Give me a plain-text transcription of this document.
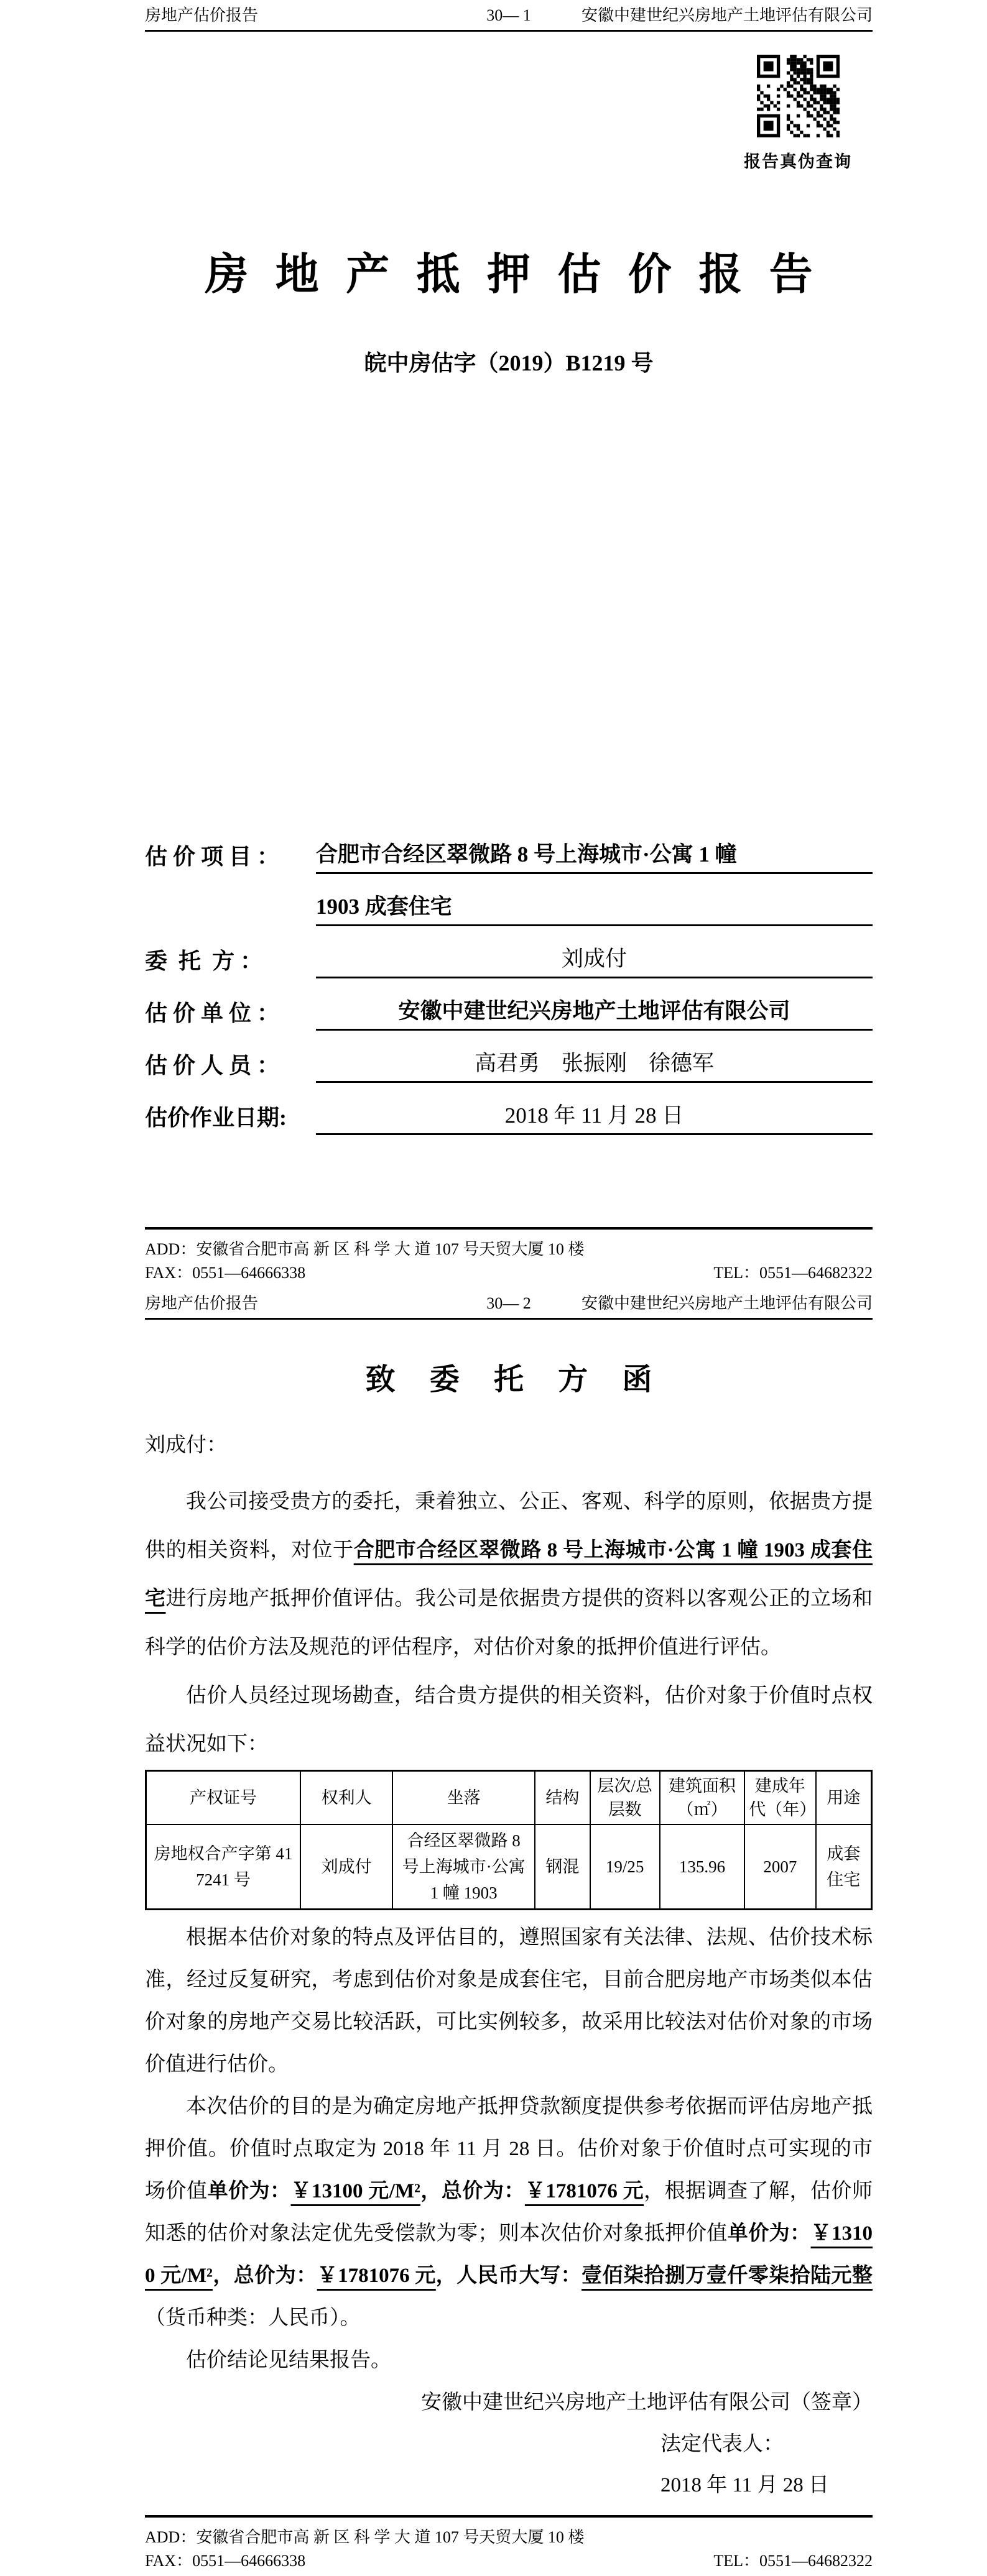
房地产估价报告	30— 1	安徽中建世纪兴房地产土地评估有限公司
报告真伪查询
房地产抵押估价报告
皖中房估字（2019）B1219 号
估 价 项 目 ：	合肥市合经区翠微路 8 号上海城市·公寓 1 幢
1903 成套住宅
委  托  方 ：	刘成付
估 价 单 位 ：	安徽中建世纪兴房地产土地评估有限公司
估 价 人 员 ：	高君勇    张振刚    徐德军
估价作业日期:	2018 年 11 月 28 日
ADD：安徽省合肥市高 新 区 科 学 大 道 107 号天贸大厦 10 楼
FAX：0551—64666338	TEL：0551—64682322
房地产估价报告	30— 2	安徽中建世纪兴房地产土地评估有限公司
致委托方函
刘成付：

我公司接受贵方的委托，秉着独立、公正、客观、科学的原则，依据贵方提供的相关资料，对位于合肥市合经区翠微路 8 号上海城市·公寓 1 幢 1903 成套住宅进行房地产抵押价值评估。我公司是依据贵方提供的资料以客观公正的立场和科学的估价方法及规范的评估程序，对估价对象的抵押价值进行评估。

估价人员经过现场勘查，结合贵方提供的相关资料，估价对象于价值时点权益状况如下：

产权证号	权利人	坐落	结构	层次/总层数	建筑面积（㎡）	建成年代（年）	用途
房地权合产字第 417241 号	刘成付	合经区翠微路 8 号上海城市·公寓 1 幢 1903	钢混	19/25	135.96	2007	成套住宅

根据本估价对象的特点及评估目的，遵照国家有关法律、法规、估价技术标准，经过反复研究，考虑到估价对象是成套住宅，目前合肥房地产市场类似本估价对象的房地产交易比较活跃，可比实例较多，故采用比较法对估价对象的市场价值进行估价。

本次估价的目的是为确定房地产抵押贷款额度提供参考依据而评估房地产抵押价值。价值时点取定为 2018 年 11 月 28 日。估价对象于价值时点可实现的市场价值单价为：￥13100 元/M²，总价为：￥1781076 元，根据调查了解，估价师知悉的估价对象法定优先受偿款为零；则本次估价对象抵押价值单价为：￥13100 元/M²，总价为：￥1781076 元，人民币大写：壹佰柒拾捌万壹仟零柒拾陆元整（货币种类：人民币）。

估价结论见结果报告。

安徽中建世纪兴房地产土地评估有限公司（签章）
法定代表人：
2018 年 11 月 28 日
ADD：安徽省合肥市高 新 区 科 学 大 道 107 号天贸大厦 10 楼
FAX：0551—64666338	TEL：0551—64682322
